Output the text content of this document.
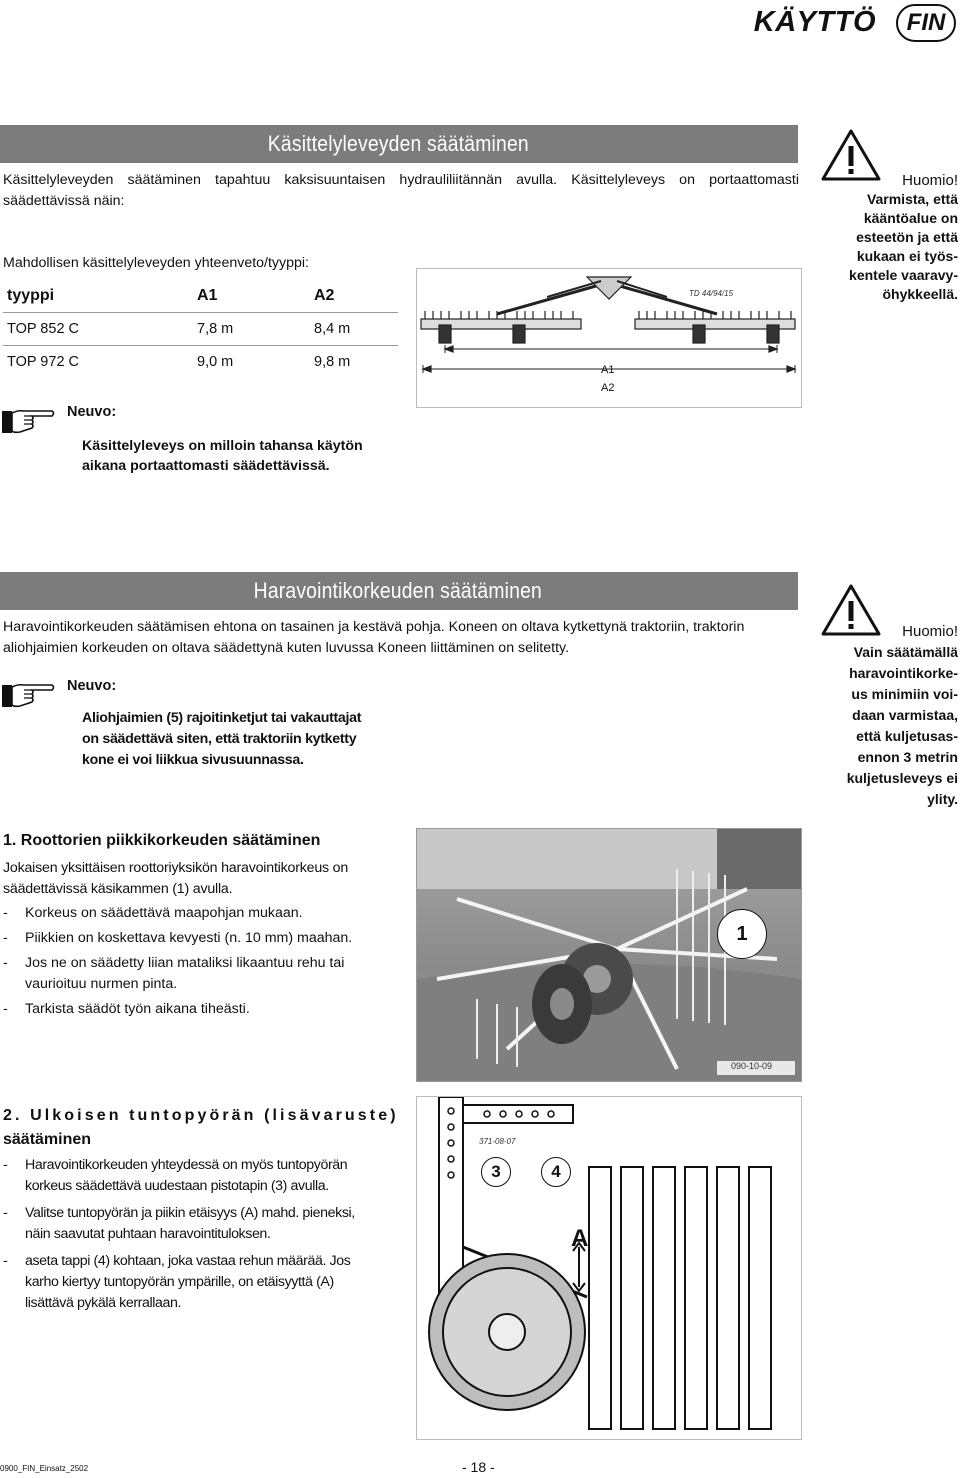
KÄYTTÖ	FIN
Käsittelyleveyden säätäminen
Käsittelyleveyden säätäminen tapahtuu kaksisuuntaisen hydrauliliitännän avulla. Käsittelyleveys on portaattomasti säädettävissä näin:
Mahdollisen käsittelyleveyden yhteenveto/tyyppi:
tyyppi	A1	A2
TOP 852 C	7,8 m	8,4 m
TOP 972 C	9,0 m	9,8 m
TD 44/94/15
A1
A2
Huomio!
Varmista, että
kääntöalue on
esteetön ja että
kukaan ei työs-
kentele vaaravy-
öhykkeellä.
Neuvo:
Käsittelyleveys on milloin tahansa käytön
aikana portaattomasti säädettävissä.
Haravointikorkeuden säätäminen
Haravointikorkeuden säätämisen ehtona on tasainen ja kestävä pohja. Koneen on oltava kytkettynä traktoriin, traktorin
aliohjaimien korkeuden on oltava säädettynä kuten luvussa Koneen liittäminen on selitetty.
Huomio!
Vain säätämällä
haravointikorke-
us minimiin voi-
daan varmistaa,
että kuljetusas-
ennon 3 metrin
kuljetusleveys ei
ylity.
Neuvo:
Aliohjaimien (5) rajoitinketjut tai vakauttajat
on säädettävä siten, että traktoriin kytketty
kone ei voi liikkua sivusuunnassa.
1. Roottorien piikkikorkeuden säätäminen
Jokaisen yksittäisen roottoriyksikön haravointikorkeus on
säädettävissä käsikammen (1) avulla.
-	Korkeus on säädettävä maapohjan mukaan.
-	Piikkien on koskettava kevyesti (n. 10 mm) maahan.
-	Jos ne on säädetty liian mataliksi likaantuu rehu tai
vaurioituu nurmen pinta.
-	Tarkista säädöt työn aikana tiheästi.
1
090-10-09
2. Ulkoisen tuntopyörän (lisävaruste)
säätäminen
-	Haravointikorkeuden yhteydessä on myös tuntopyörän
korkeus säädettävä uudestaan pistotapin (3) avulla.
-	Valitse tuntopyörän ja piikin etäisyys (A) mahd. pieneksi,
näin saavutat puhtaan haravointituloksen.
-	aseta tappi (4) kohtaan, joka vastaa rehun määrää. Jos
karho kiertyy tuntopyörän ympärille, on etäisyyttä (A)
lisättävä pykälä kerrallaan.
371-08-07
3	4
A
0900_FIN_Einsatz_2502	- 18 -
